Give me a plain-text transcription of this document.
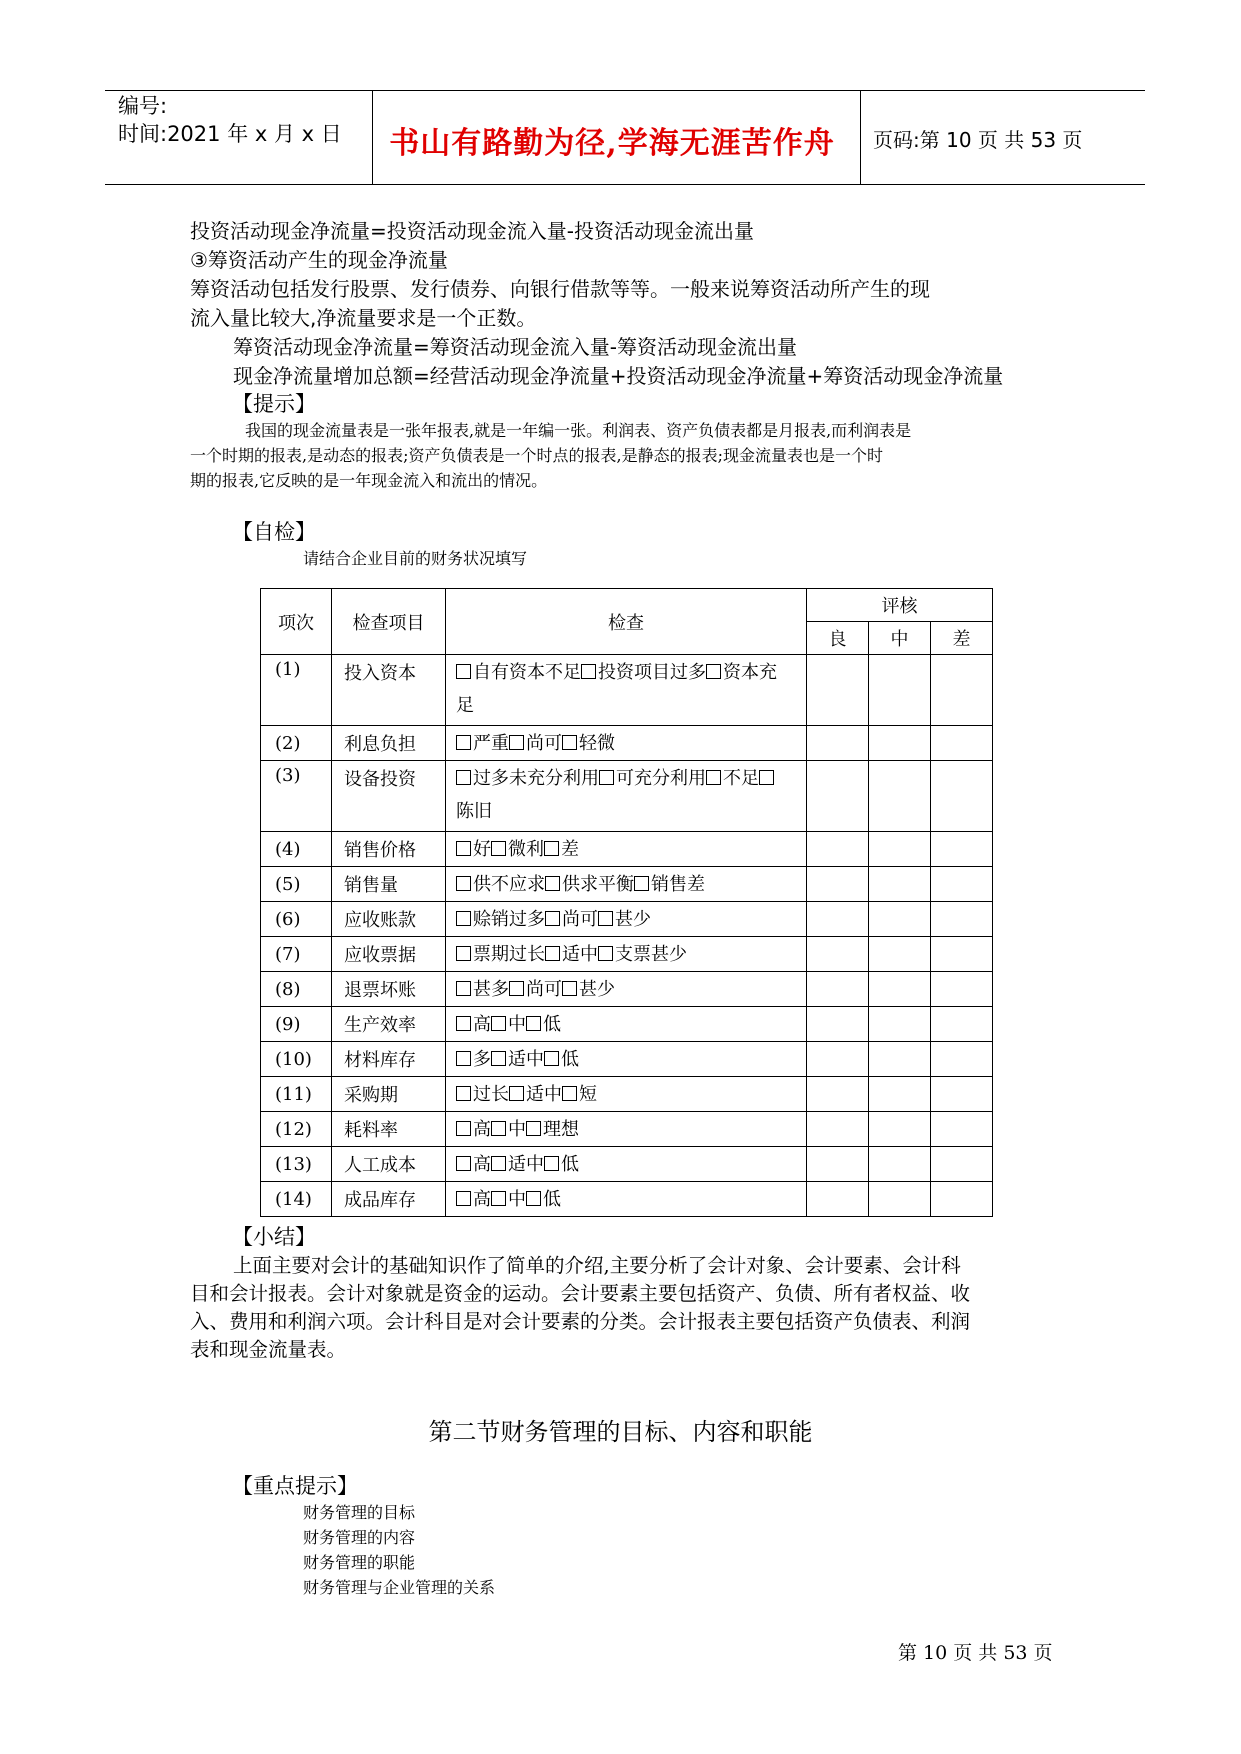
编号:
时间:2021 年 x 月 x 日	书山有路勤为径,学海无涯苦作舟	页码:第 10 页 共 53 页
投资活动现金净流量=投资活动现金流入量-投资活动现金流出量
③筹资活动产生的现金净流量
筹资活动包括发行股票、发行债券、向银行借款等等。一般来说筹资活动所产生的现
流入量比较大,净流量要求是一个正数。
筹资活动现金净流量=筹资活动现金流入量-筹资活动现金流出量
现金净流量增加总额=经营活动现金净流量+投资活动现金净流量+筹资活动现金净流量
【提示】
我国的现金流量表是一张年报表,就是一年编一张。利润表、资产负债表都是月报表,而利润表是
一个时期的报表,是动态的报表;资产负债表是一个时点的报表,是静态的报表;现金流量表也是一个时
期的报表,它反映的是一年现金流入和流出的情况。
【自检】
请结合企业目前的财务状况填写
项次	检查项目	检查	评核		
			良	中	差
(1)	投入资本	自有资本不足 投资项目过多 资本充
足			
(2)	利息负担	严重 尚可 轻微			
(3)	设备投资	过多未充分利用 可充分利用 不足
陈旧			
(4)	销售价格	好 微利 差			
(5)	销售量	供不应求 供求平衡 销售差			
(6)	应收账款	赊销过多 尚可 甚少			
(7)	应收票据	票期过长 适中 支票甚少			
(8)	退票坏账	甚多 尚可 甚少			
(9)	生产效率	高 中 低			
(10)	材料库存	多 适中 低			
(11)	采购期	过长 适中 短			
(12)	耗料率	高 中 理想			
(13)	人工成本	高 适中 低			
(14)	成品库存	高 中 低			
【小结】
上面主要对会计的基础知识作了简单的介绍,主要分析了会计对象、会计要素、会计科
目和会计报表。会计对象就是资金的运动。会计要素主要包括资产、负债、所有者权益、收
入、费用和利润六项。会计科目是对会计要素的分类。会计报表主要包括资产负债表、利润
表和现金流量表。
第二节财务管理的目标、内容和职能
【重点提示】
财务管理的目标
财务管理的内容
财务管理的职能
财务管理与企业管理的关系
第 10 页 共 53 页
